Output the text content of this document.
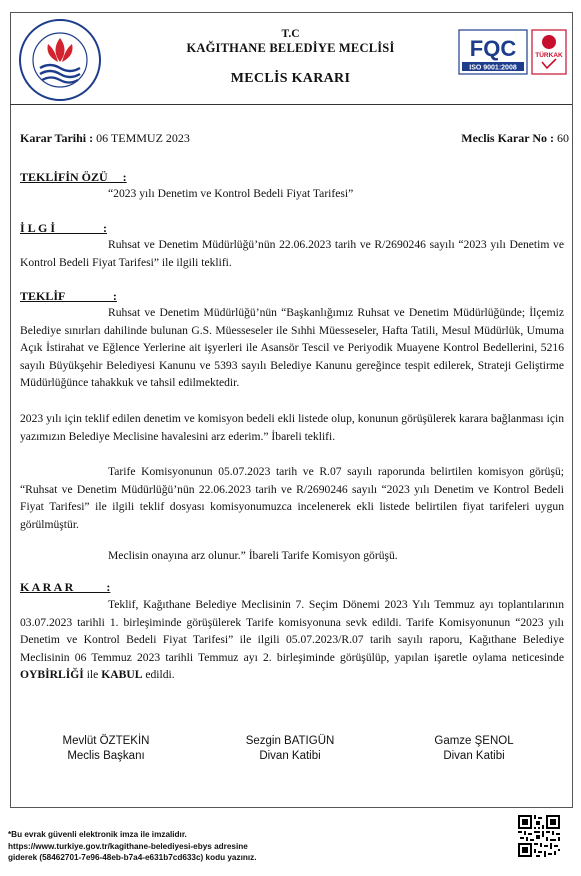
T.C
KAĞITHANE BELEDİYE MECLİSİ
MECLİS KARARI
FQC
ISO 9001:2008
TÜRKAK
Karar Tarihi : 06 TEMMUZ 2023	Meclis Karar No : 60
TEKLİFİN ÖZÜ     :
“2023 yılı Denetim ve Kontrol Bedeli Fiyat Tarifesi”
İ L G İ                :
Ruhsat ve Denetim Müdürlüğü’nün 22.06.2023 tarih ve R/2690246 sayılı “2023 yılı Denetim ve Kontrol Bedeli Fiyat Tarifesi” ile ilgili teklifi.
TEKLİF                :
Ruhsat ve Denetim Müdürlüğü’nün “Başkanlığımız Ruhsat ve Denetim Müdürlüğünde; İlçemiz Belediye sınırları dahilinde bulunan G.S. Müesseseler ile Sıhhi Müesseseler, Hafta Tatili, Mesul Müdürlük, Umuma Açık İstirahat ve Eğlence Yerlerine ait işyerleri ile Asansör Tescil ve Periyodik Muayene Kontrol Bedellerini, 5216 sayılı Büyükşehir Belediyesi Kanunu ve 5393 sayılı Belediye Kanunu gereğince tespit edilerek, Strateji Geliştirme Müdürlüğünce tahakkuk ve tahsil edilmektedir.
2023 yılı için teklif edilen denetim ve komisyon bedeli ekli listede olup, konunun görüşülerek karara bağlanması için yazımızın Belediye Meclisine havalesini arz ederim.” İbareli teklifi.
Tarife Komisyonunun 05.07.2023 tarih ve R.07 sayılı raporunda belirtilen komisyon görüşü; “Ruhsat ve Denetim Müdürlüğü’nün 22.06.2023 tarih ve R/2690246 sayılı “2023 yılı Denetim ve Kontrol Bedeli Fiyat Tarifesi” ile ilgili teklif dosyası komisyonumuzca incelenerek ekli listede belirtilen fiyat tarifeleri uygun görülmüştür.
Meclisin onayına arz olunur.” İbareli Tarife Komisyon görüşü.
K A R A R           :
Teklif, Kağıthane Belediye Meclisinin 7. Seçim Dönemi 2023 Yılı Temmuz ayı toplantılarının 03.07.2023 tarihli 1. birleşiminde görüşülerek Tarife komisyonuna sevk edildi. Tarife Komisyonunun “2023 yılı Denetim ve Kontrol Bedeli Fiyat Tarifesi” ile ilgili 05.07.2023/R.07 tarih sayılı raporu, Kağıthane Belediye Meclisinin 06 Temmuz 2023 tarihli Temmuz ayı 2. birleşiminde görüşülüp, yapılan işaretle oylama neticesinde OYBİRLİĞİ ile KABUL edildi.
Mevlüt ÖZTEKİN
Meclis Başkanı
Sezgin BATIGÜN
Divan Katibi
Gamze ŞENOL
Divan Katibi
*Bu evrak güvenli elektronik imza ile imzalidır.
https://www.turkiye.gov.tr/kagithane-belediyesi-ebys adresine
giderek (58462701-7e96-48eb-b7a4-e631b7cd633c) kodu yazınız.
